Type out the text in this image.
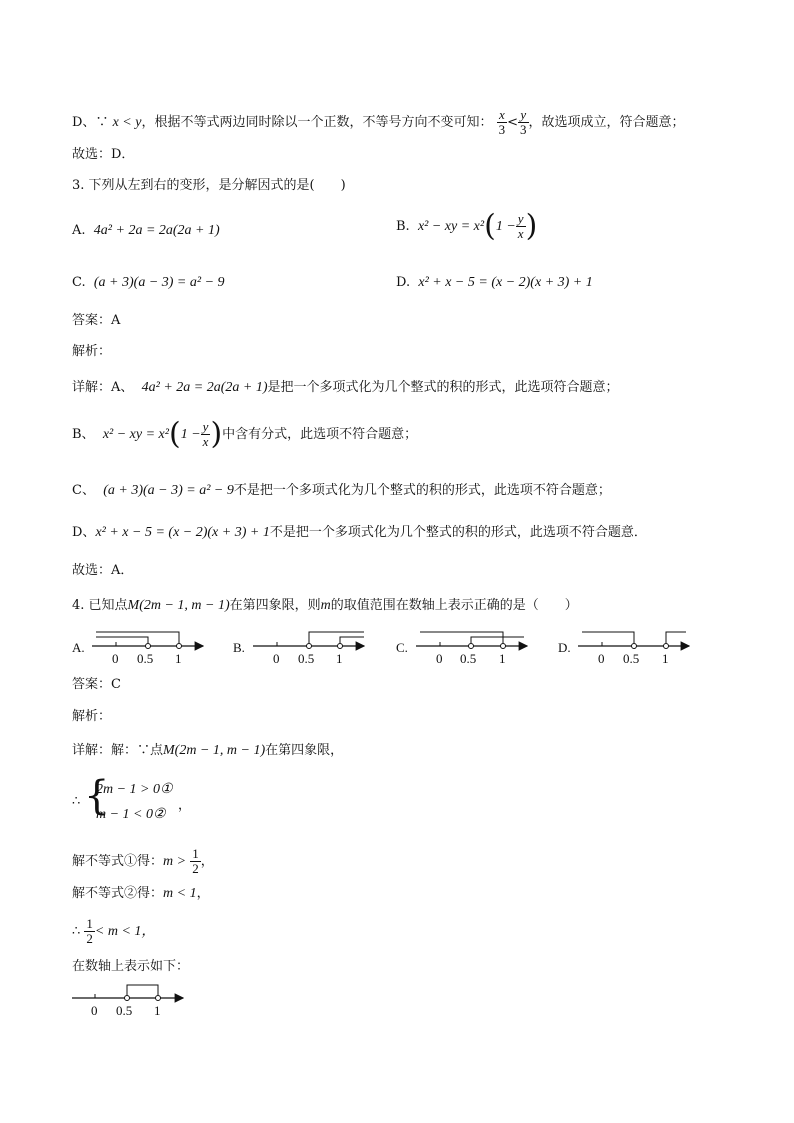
D、∵ x < y，根据不等式两边同时除以一个正数，不等号方向不变可知： $\frac{x}{3} < \frac{y}{3}$ ，故选项成立，符合题意；
故选：D．
3. 下列从左到右的变形，是分解因式的是(　　)
A. 4a² + 2a = 2a(2a + 1)	B. x² − xy = $x^2(1 - \frac{y}{x}$ )
C. (a + 3)(a − 3) = a² − 9	D. x² + x − 5 = (x − 2)(x + 3) + 1
答案：A
解析：
详解：A、 4a² + 2a = 2a(2a + 1)是把一个多项式化为几个整式的积的形式，此选项符合题意；
B、 x² − xy = $x^2(1 - \frac{y}{x}$ )中含有分式，此选项不符合题意；
C、 (a + 3)(a − 3) = a² − 9不是把一个多项式化为几个整式的积的形式，此选项不符合题意；
D、x² + x − 5 = (x − 2)(x + 3) + 1不是把一个多项式化为几个整式的积的形式，此选项不符合题意．
故选：A．
4. 已知点M(2m − 1, m − 1)在第四象限，则m的取值范围在数轴上表示正确的是（　　）
A.
0 0.5 1
B.
0 0.5 1
C.
0 0.5 1
D.
0 0.5 1
答案：C
解析：
详解：解：∵点M(2m − 1, m − 1)在第四象限，
∴ {
2m − 1 > 0①
m − 1 < 0②
，
解不等式①得：$m > \frac{1}{2}$ ，
解不等式②得：m < 1，
∴ $\frac{1}{2} < m < 1$，
在数轴上表示如下：
0 0.5 1
